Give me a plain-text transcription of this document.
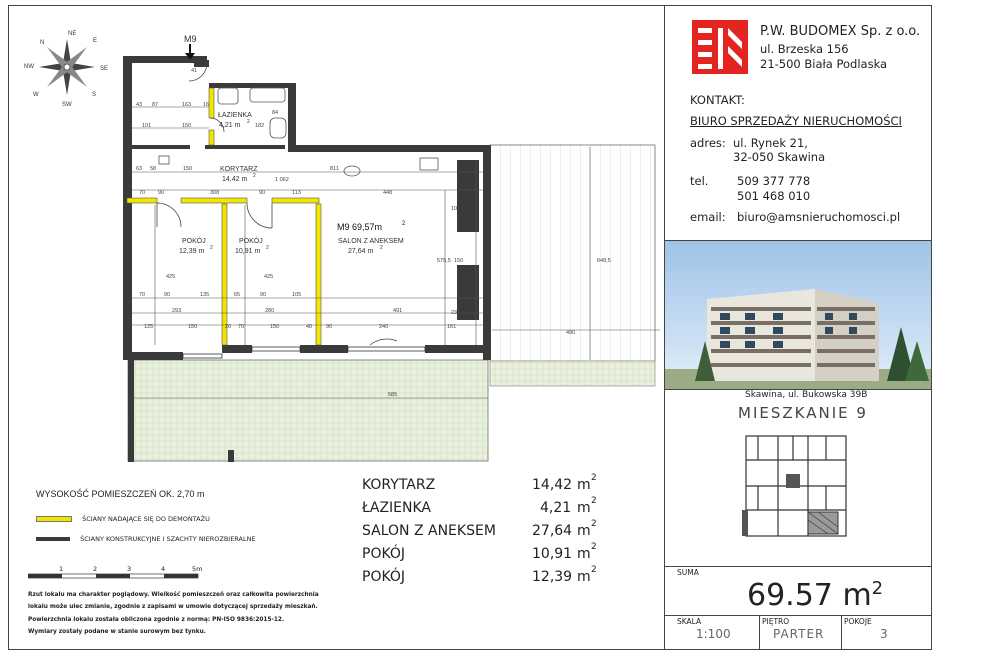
M9
N
S
E
W
NE
NW	SE
SW
ŁAZIENKA
4,21 m 2
KORYTARZ
14,42 m 2
POKÓJ
12,39 m 2
POKÓJ
10,91 m 2
M9 69,57m	2
SALON Z ANEKSEM
27,64 m 2
41
43 87	163 16
101	150	182
84
63 58	150	811
1 062
70 90	308	90	113	448
102,5
425	425
575,5 150	648,5
70	90	135	65	90	105
293	280	491
125	150	20 70	150	40	90	240	161
490
585
233
WYSOKOŚĆ POMIESZCZEŃ OK. 2,70 m
ŚCIANY NADAJĄCE SIĘ DO DEMONTAŻU
ŚCIANY KONSTRUKCYJNE I SZACHTY NIEROZBIERALNE
1	2	3	4	5m
Rzut lokalu ma charakter poglądowy. Wielkość pomieszczeń oraz całkowita powierzchnia
lokalu może ulec zmianie, zgodnie z zapisami w umowie dotyczącej sprzedaży mieszkań.
Powierzchnia lokalu została obliczona zgodnie z normą: PN-ISO 9836:2015-12.
Wymiary zostały podane w stanie surowym bez tynku.
KORYTARZ	14,42 m 2
ŁAZIENKA	4,21 m 2
SALON Z ANEKSEM	27,64 m 2
POKÓJ	10,91 m 2
POKÓJ	12,39 m 2
P.W. BUDOMEX Sp. z o.o.
ul. Brzeska 156
21-500 Biała Podlaska
KONTAKT:
BIURO SPRZEDAŻY NIERUCHOMOŚCI
adres: ul. Rynek 21,
32-050 Skawina
tel. 509 377 778
501 468 010
email: biuro@amsnieruchomosci.pl
Skawina, ul. Bukowska 39B
MIESZKANIE 9
SUMA
69.57 $m^2$
SKALA
1:100
PIĘTRO
PARTER
POKOJE
3
